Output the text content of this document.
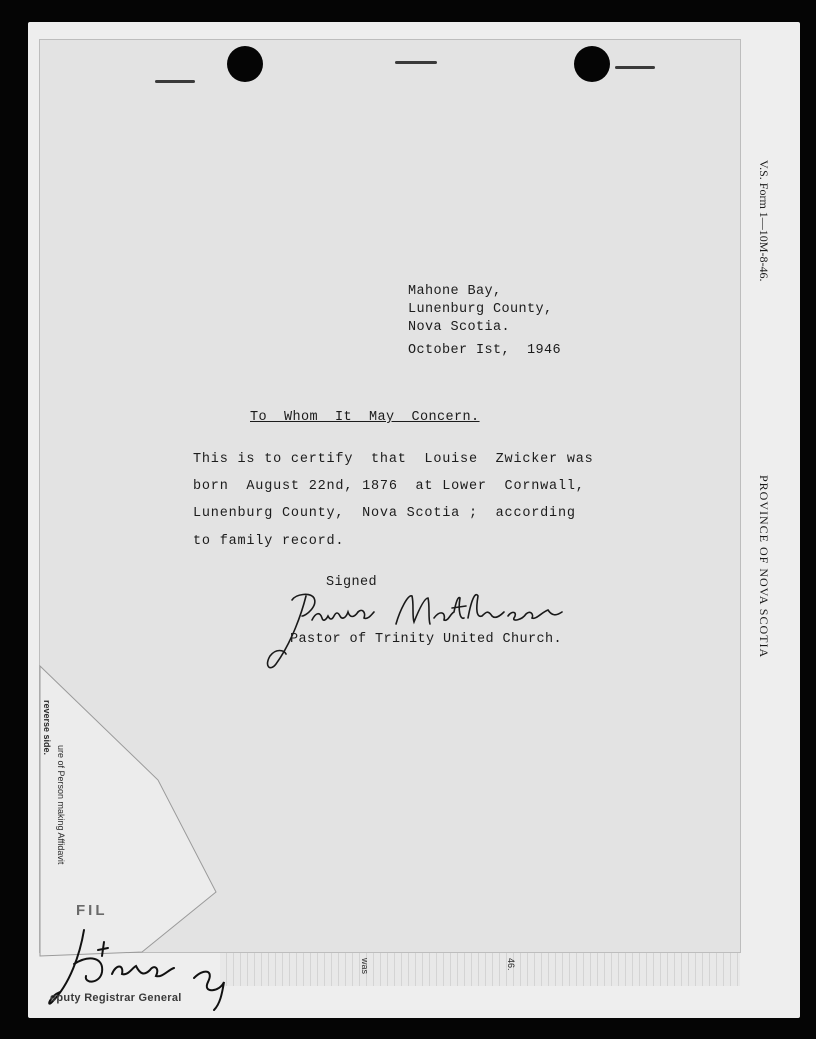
was	46.
Mahone Bay,
Lunenburg County,
Nova Scotia.
October Ist,  1946
To  Whom  It  May  Concern.
This is to certify  that  Louise  Zwicker was
born  August 22nd, 1876  at Lower  Cornwall,
Lunenburg County,  Nova Scotia ;  according
to family record.
Signed
Pastor of Trinity United Church.
V.S. Form 1—10M-8-46.
PROVINCE OF NOVA SCOTIA
reverse side.
ure of Person making Affidavit
FIL
eputy Registrar General
